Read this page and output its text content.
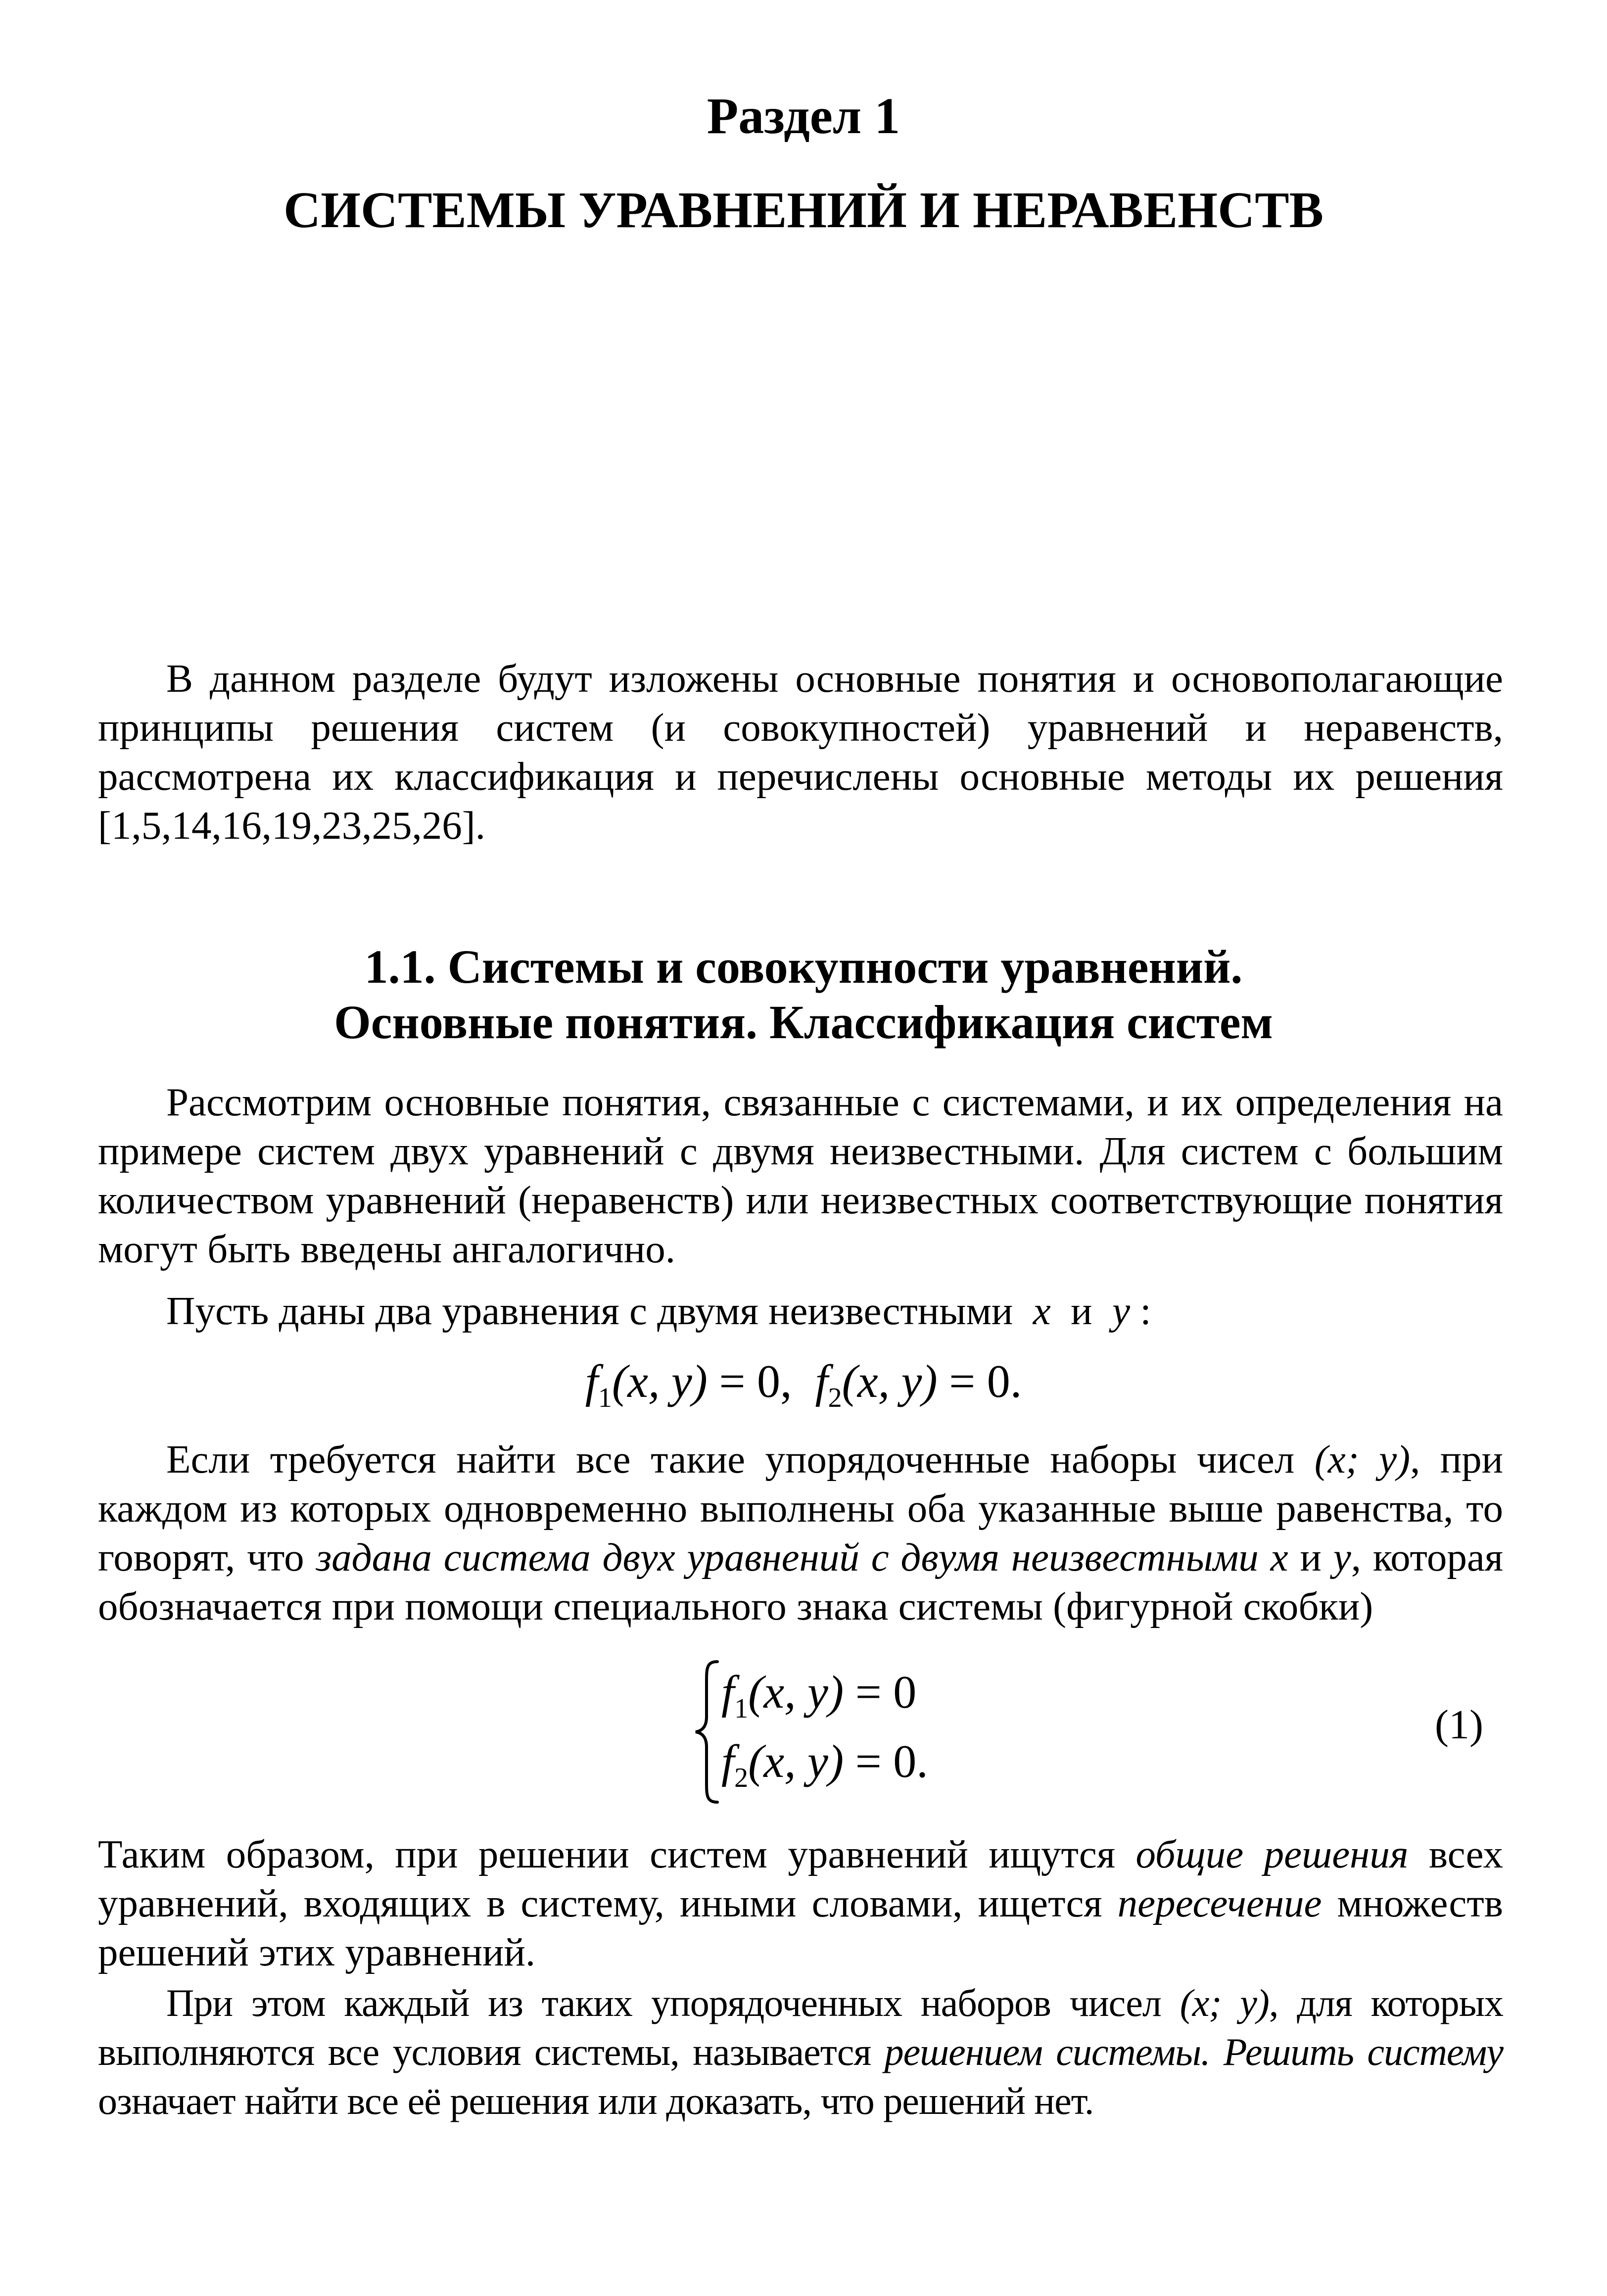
Раздел 1
СИСТЕМЫ УРАВНЕНИЙ И НЕРАВЕНСТВ

В данном разделе будут изложены основные понятия и основополагающие принципы решения систем (и совокупностей) уравнений и неравенств, рассмотрена их классификация и перечислены основные методы их решения [1,5,14,16,19,23,25,26].

1.1. Системы и совокупности уравнений.
Основные понятия. Классификация систем

Рассмотрим основные понятия, связанные с системами, и их определения на примере систем двух уравнений с двумя неизвестными. Для систем с большим количеством уравнений (неравенств) или неизвестных соответствующие понятия могут быть введены ангалогично.

Пусть даны два уравнения с двумя неизвестными x и y :

$f_1(x$, y) = 0, $f_2(x$, y) = 0.

Если требуется найти все такие упорядоченные наборы чисел (x; y), при каждом из которых одновременно выполнены оба указанные выше равенства, то говорят, что задана система двух уравнений с двумя неизвестными x и y, которая обозначается при помощи специального знака системы (фигурной скобки)

$f_1(x$, y) = 0
$f_2(x$, y) = 0.
(1)

Таким образом, при решении систем уравнений ищутся общие решения всех уравнений, входящих в систему, иными словами, ищется пересечение множеств решений этих уравнений.

При этом каждый из таких упорядоченных наборов чисел (x; y), для которых выполняются все условия системы, называется решением системы. Решить систему означает найти все её решения или доказать, что решений нет.
